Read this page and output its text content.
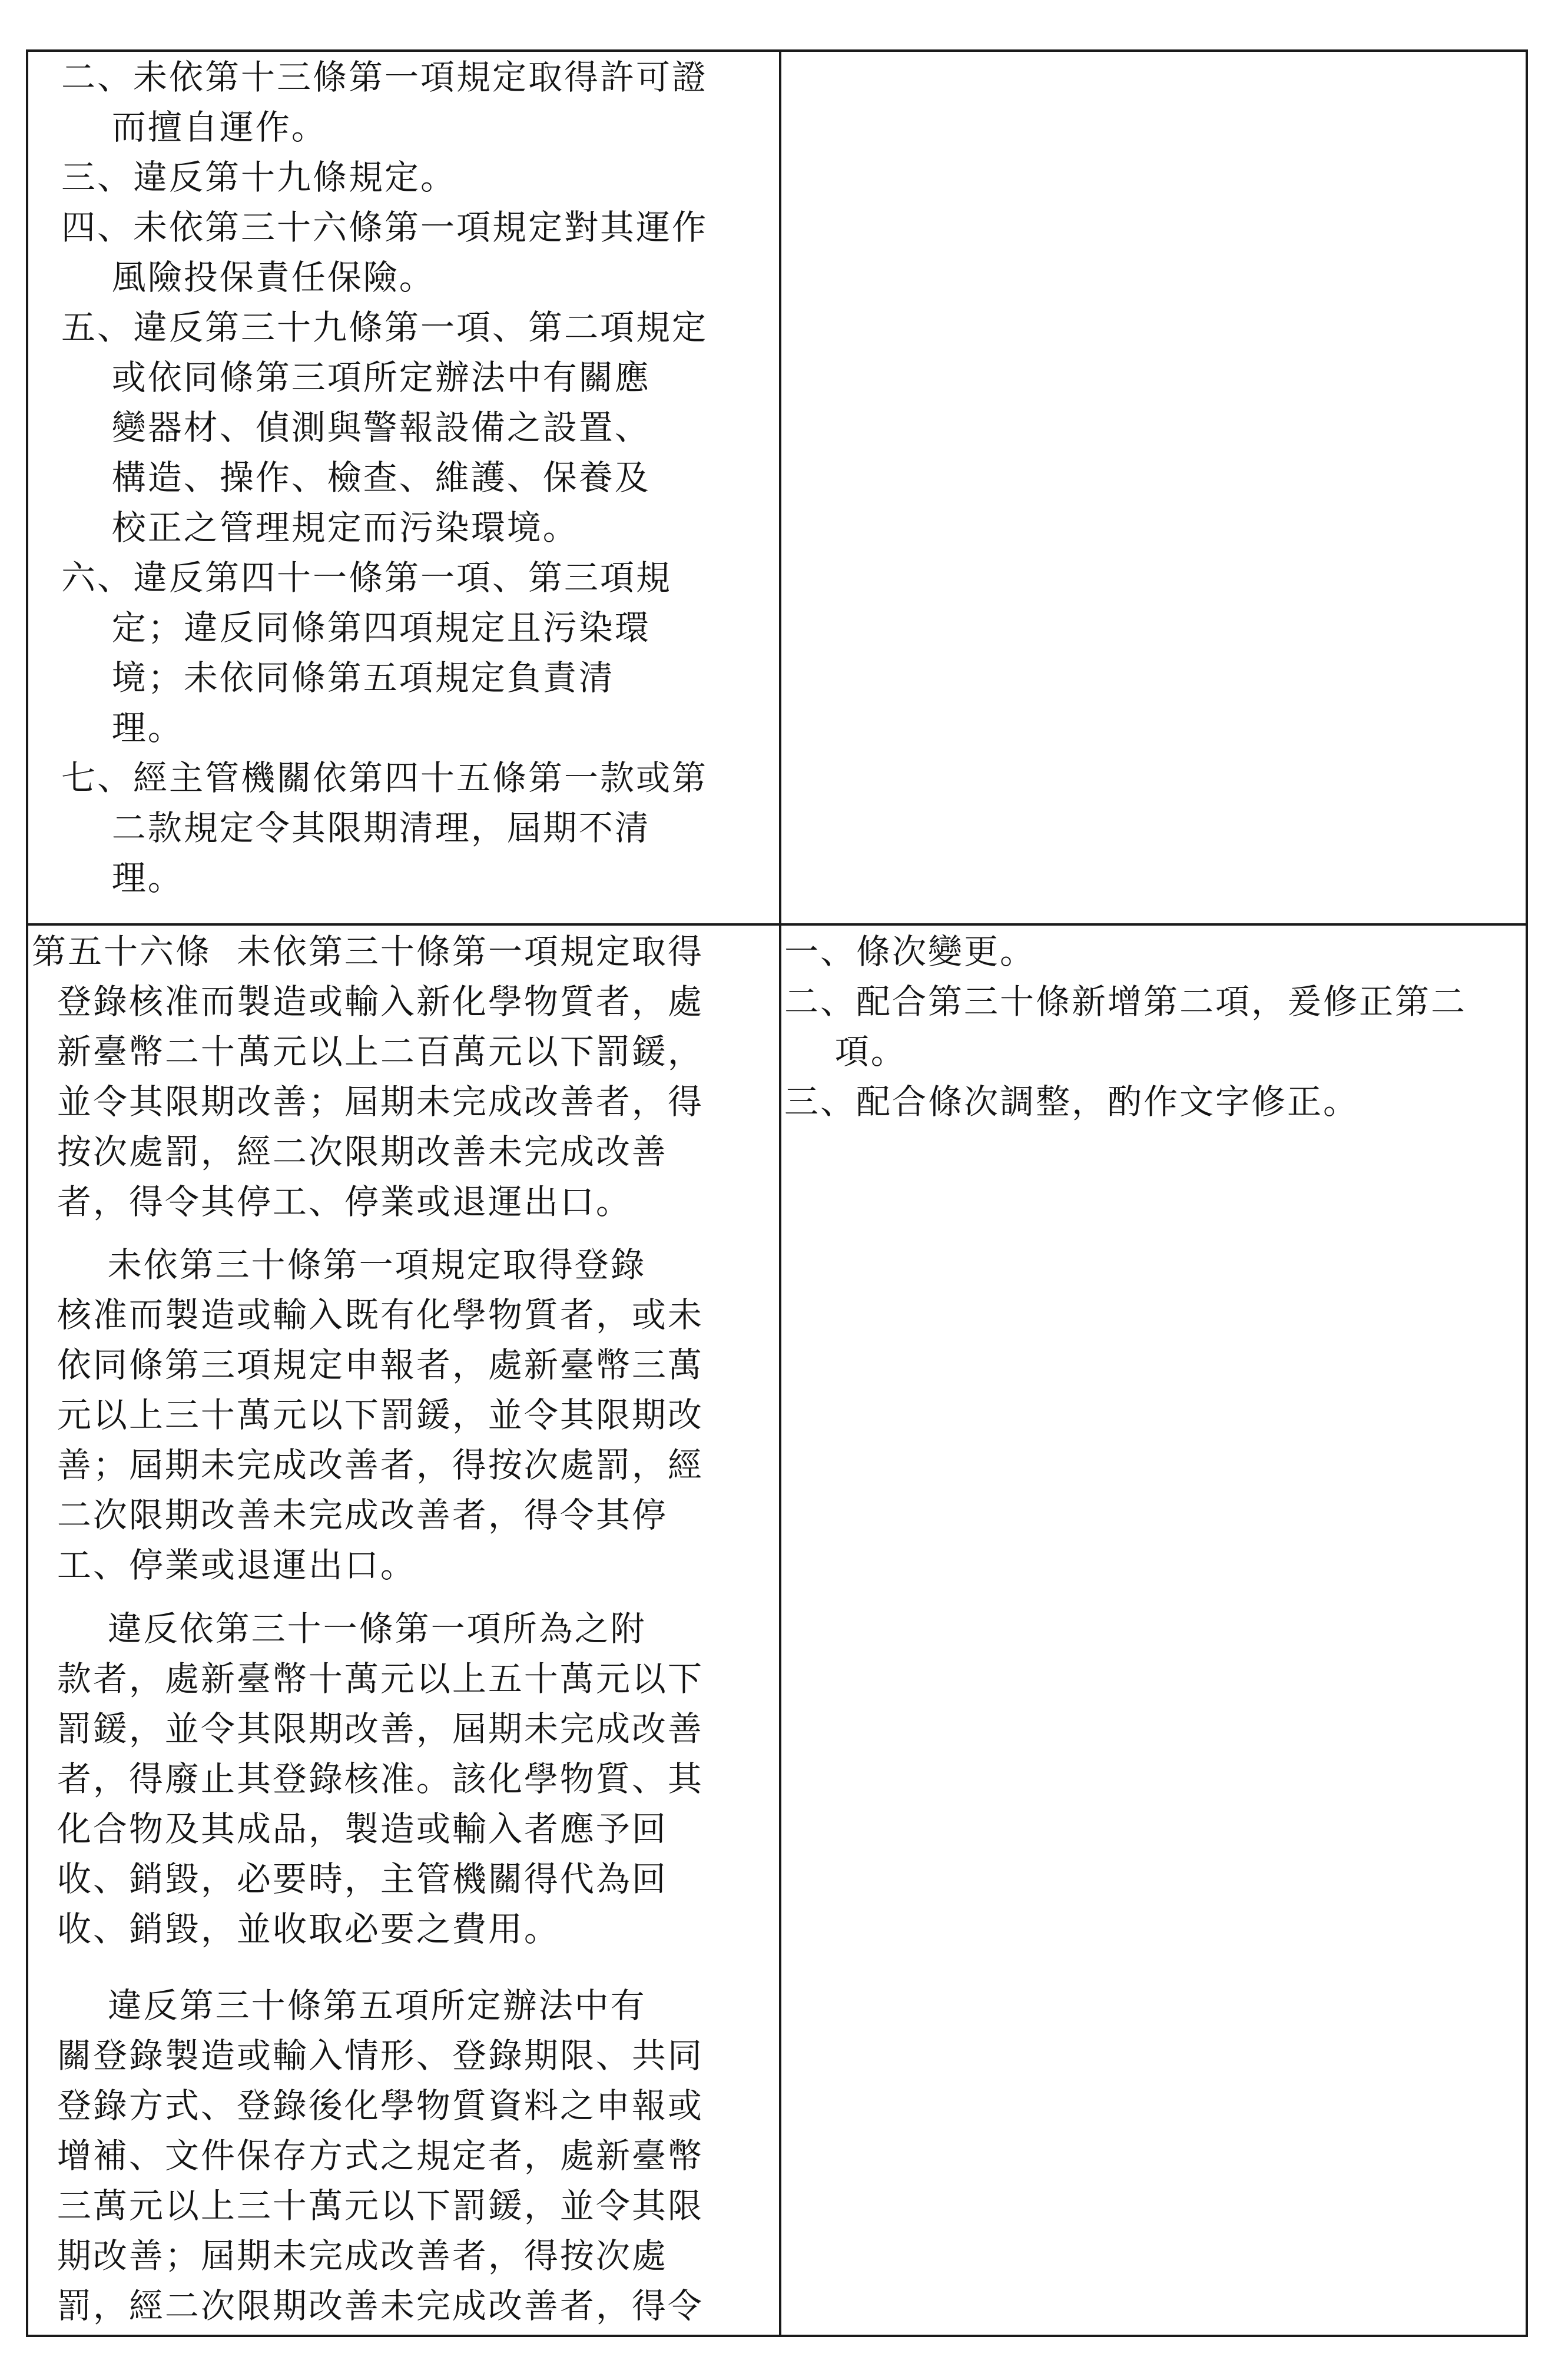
二、未依第十三條第一項規定取得許可證
而擅自運作。

三、違反第十九條規定。

四、未依第三十六條第一項規定對其運作
風險投保責任保險。

五、違反第三十九條第一項、第二項規定
或依同條第三項所定辦法中有關應
變器材、偵測與警報設備之設置、
構造、操作、檢查、維護、保養及
校正之管理規定而污染環境。

六、違反第四十一條第一項、第三項規
定；違反同條第四項規定且污染環
境；未依同條第五項規定負責清
理。

七、經主管機關依第四十五條第一款或第
二款規定令其限期清理，屆期不清
理。

第五十六條  未依第三十條第一項規定取得
登錄核准而製造或輸入新化學物質者，處
新臺幣二十萬元以上二百萬元以下罰鍰，
並令其限期改善；屆期未完成改善者，得
按次處罰，經二次限期改善未完成改善
者，得令其停工、停業或退運出口。

未依第三十條第一項規定取得登錄
核准而製造或輸入既有化學物質者，或未
依同條第三項規定申報者，處新臺幣三萬
元以上三十萬元以下罰鍰，並令其限期改
善；屆期未完成改善者，得按次處罰，經
二次限期改善未完成改善者，得令其停
工、停業或退運出口。

違反依第三十一條第一項所為之附
款者，處新臺幣十萬元以上五十萬元以下
罰鍰，並令其限期改善，屆期未完成改善
者，得廢止其登錄核准。該化學物質、其
化合物及其成品，製造或輸入者應予回
收、銷毀，必要時，主管機關得代為回
收、銷毀，並收取必要之費用。

違反第三十條第五項所定辦法中有
關登錄製造或輸入情形、登錄期限、共同
登錄方式、登錄後化學物質資料之申報或
增補、文件保存方式之規定者，處新臺幣
三萬元以上三十萬元以下罰鍰，並令其限
期改善；屆期未完成改善者，得按次處
罰，經二次限期改善未完成改善者，得令

一、條次變更。

二、配合第三十條新增第二項，爰修正第二
項。

三、配合條次調整，酌作文字修正。
